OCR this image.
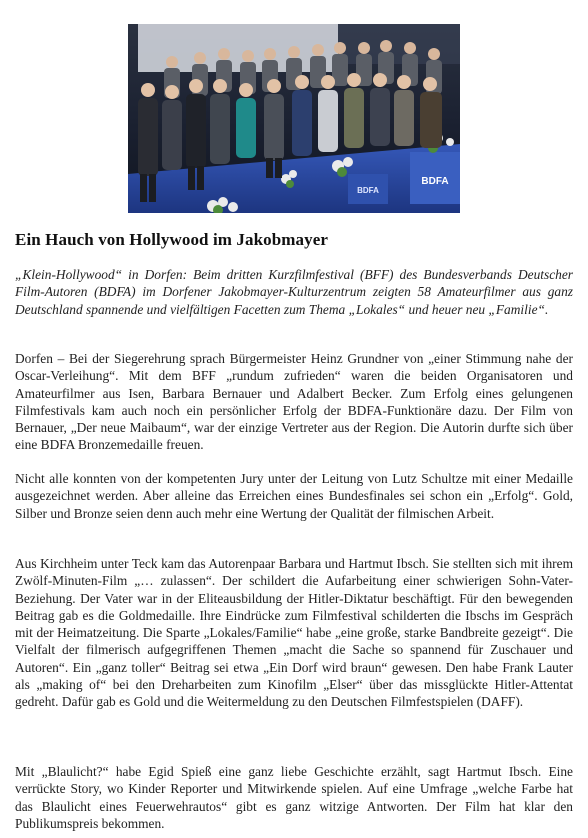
BDFA
BDFA
Ein Hauch von Hollywood im Jakobmayer

„Klein-Hollywood“ in Dorfen: Beim dritten Kurzfilmfestival (BFF) des Bundesverbands Deutscher Film-Autoren (BDFA) im Dorfener Jakobmayer-Kulturzentrum zeigten 58 Amateurfilmer aus ganz Deutschland spannende und vielfältigen Facetten zum Thema „Lokales“ und heuer neu „Familie“.

Dorfen – Bei der Siegerehrung sprach Bürgermeister Heinz Grundner von „einer Stimmung nahe der Oscar-Verleihung“. Mit dem BFF „rundum zufrieden“ waren die beiden Organisatoren und Amateurfilmer aus Isen, Barbara Bernauer und Adalbert Becker. Zum Erfolg eines gelungenen Filmfestivals kam auch noch ein persönlicher Erfolg der BDFA-Funktionäre dazu. Der Film von Bernauer, „Der neue Maibaum“, war der einzige Vertreter aus der Region. Die Autorin durfte sich über eine BDFA Bronzemedaille freuen.

Nicht alle konnten von der kompetenten Jury unter der Leitung von Lutz Schultze mit einer Medaille ausgezeichnet werden. Aber alleine das Erreichen eines Bundesfinales sei schon ein „Erfolg“. Gold, Silber und Bronze seien denn auch mehr eine Wertung der Qualität der filmischen Arbeit.

Aus Kirchheim unter Teck kam das Autorenpaar Barbara und Hartmut Ibsch. Sie stellten sich mit ihrem Zwölf-Minuten-Film „… zulassen“. Der schildert die Aufarbeitung einer schwierigen Sohn-Vater-Beziehung. Der Vater war in der Eliteausbildung der Hitler-Diktatur beschäftigt. Für den bewegenden Beitrag gab es die Goldmedaille. Ihre Eindrücke zum Filmfestival schilderten die Ibschs im Gespräch mit der Heimatzeitung. Die Sparte „Lokales/Familie“ habe „eine große, starke Bandbreite gezeigt“. Die Vielfalt der filmerisch aufgegriffenen Themen „macht die Sache so spannend für Zuschauer und Autoren“. Ein „ganz toller“ Beitrag sei etwa „Ein Dorf wird braun“ gewesen. Den habe Frank Lauter als „making of“ bei den Dreharbeiten zum Kinofilm „Elser“ über das missglückte Hitler-Attentat gedreht. Dafür gab es Gold und die Weitermeldung zu den Deutschen Filmfestspielen (DAFF).

Mit „Blaulicht?“ habe Egid Spieß eine ganz liebe Geschichte erzählt, sagt Hartmut Ibsch. Eine verrückte Story, wo Kinder Reporter und Mitwirkende spielen. Auf eine Umfrage „welche Farbe hat das Blaulicht eines Feuerwehrautos“ gibt es ganz witzige Antworten. Der Film hat klar den Publikumspreis bekommen.
